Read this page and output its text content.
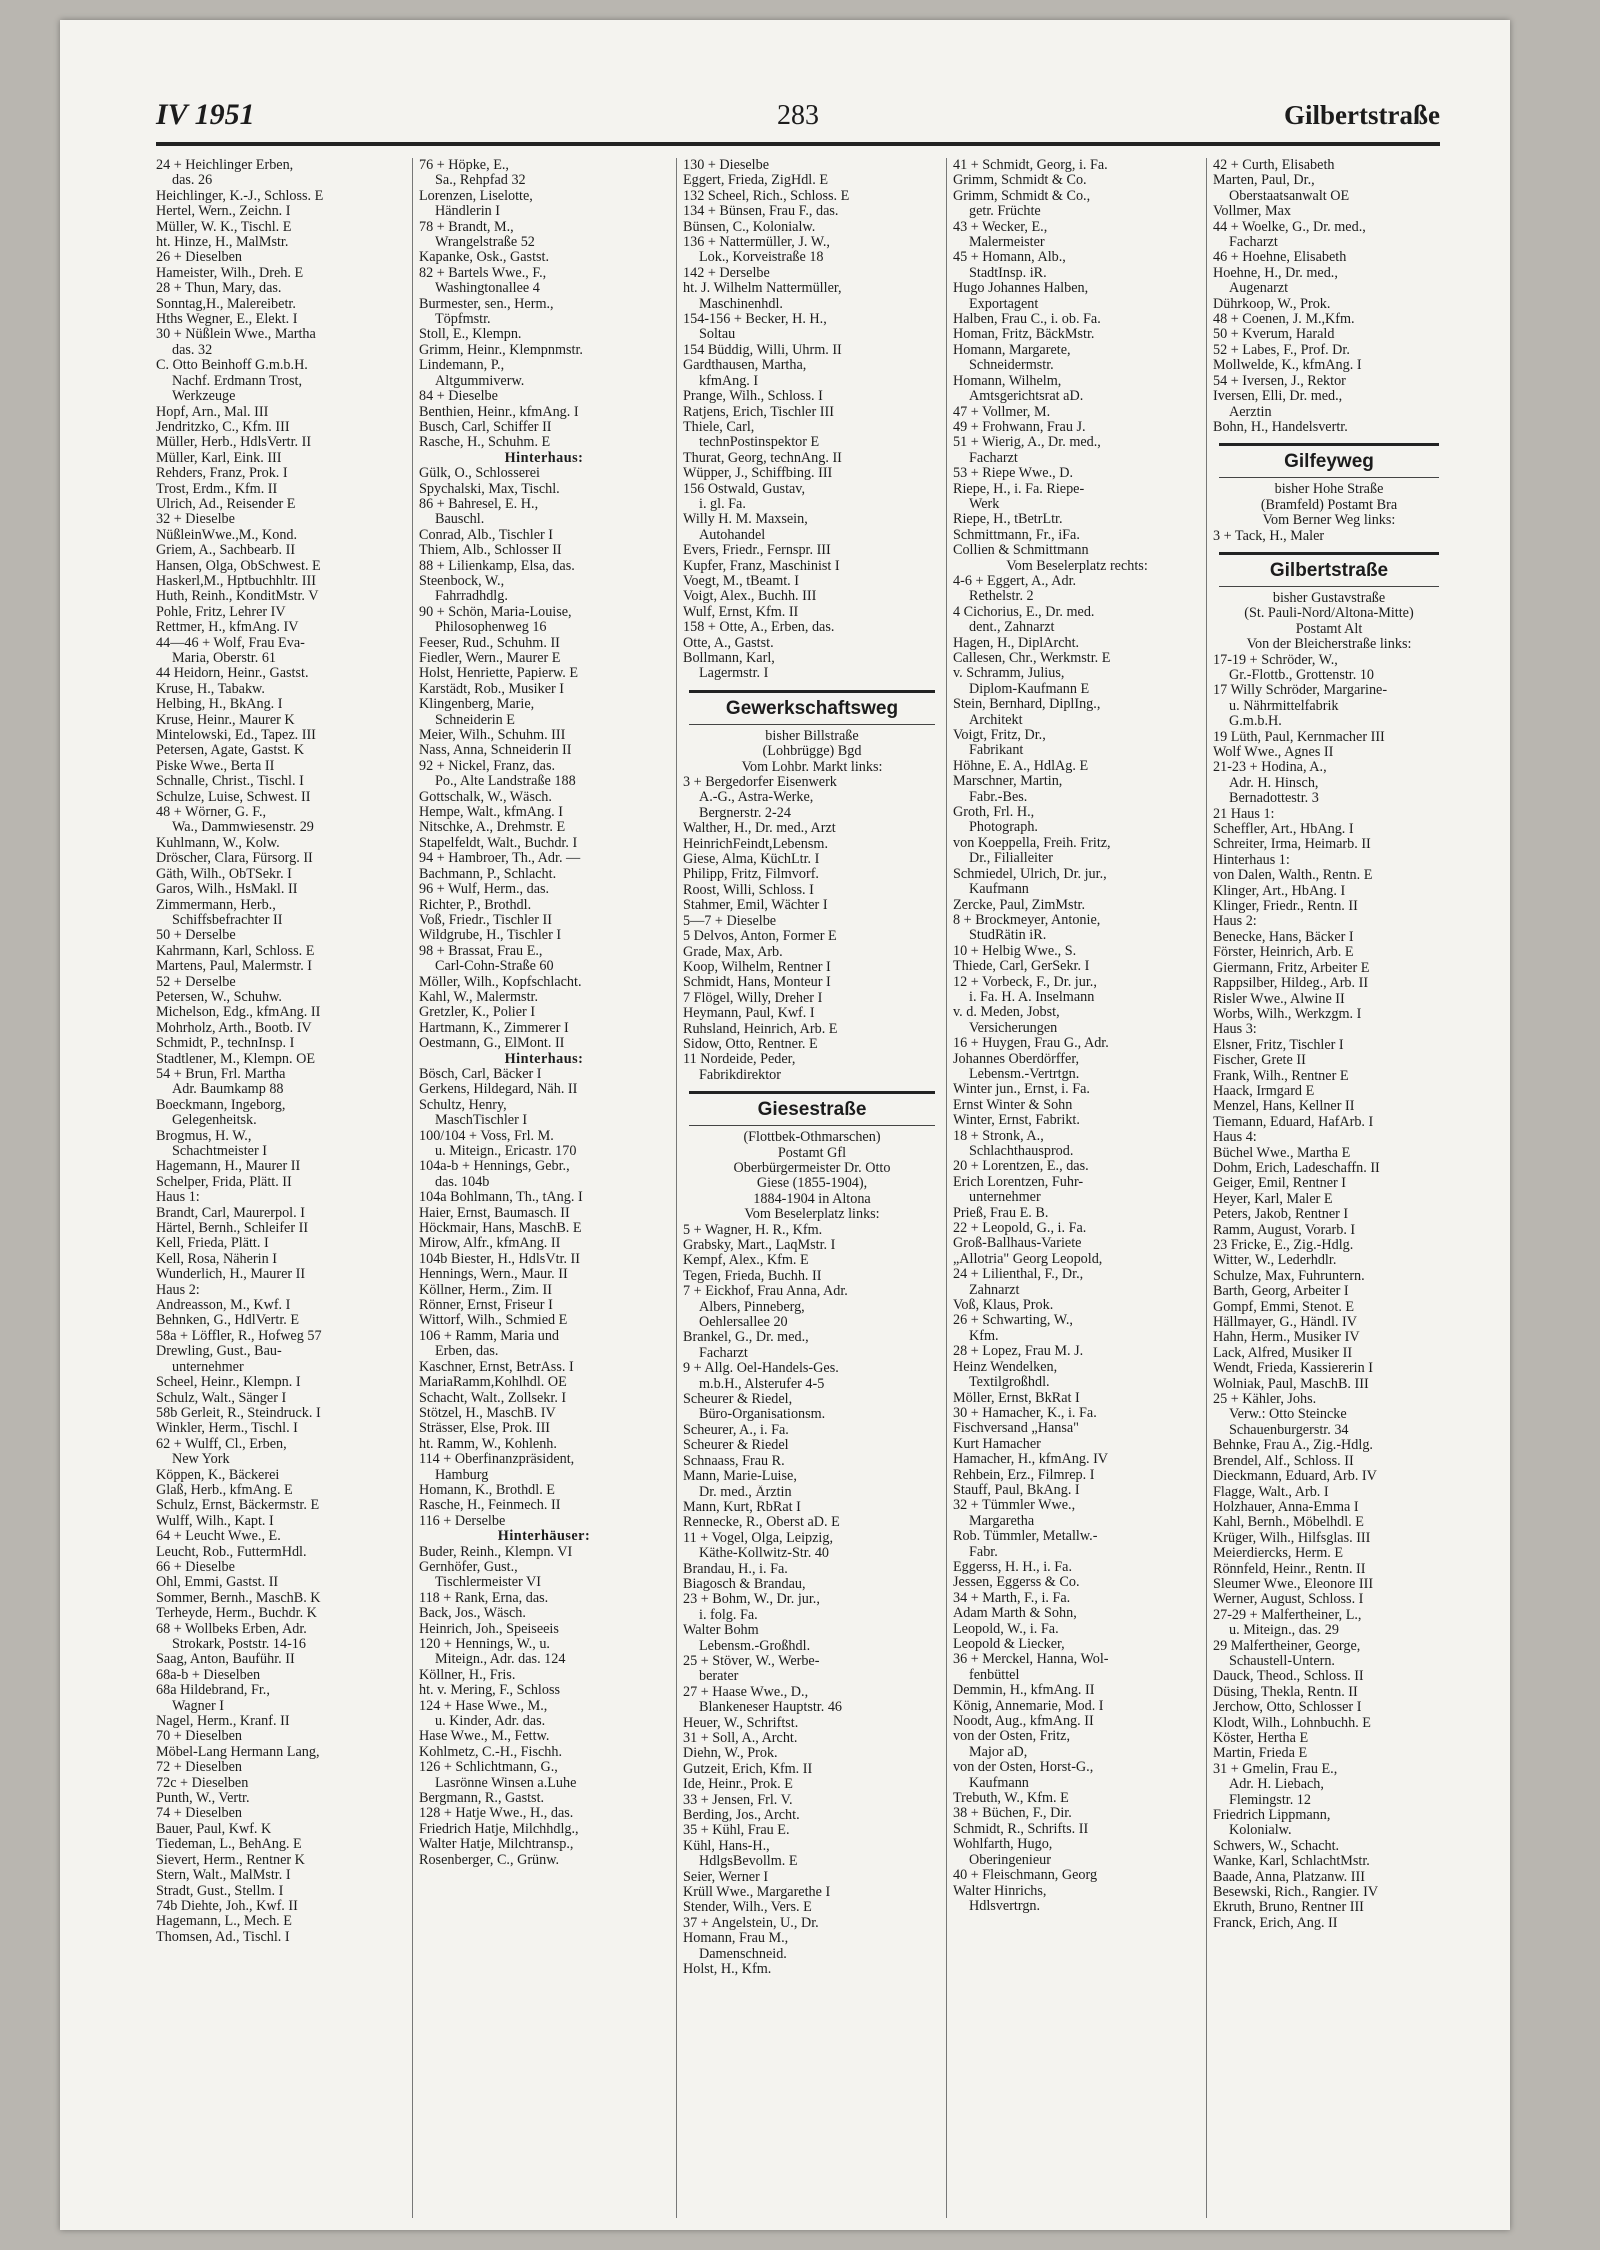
IV 1951	283	Gilbertstraße
24 + Heichlinger Erben,
das. 26
Heichlinger, K.-J., Schloss. E
Hertel, Wern., Zeichn. I
Müller, W. K., Tischl. E
ht. Hinze, H., MalMstr.
26 + Dieselben
Hameister, Wilh., Dreh. E
28 + Thun, Mary, das.
Sonntag,H., Malereibetr.
Hths Wegner, E., Elekt. I
30 + Nüßlein Wwe., Martha
das. 32
C. Otto Beinhoff G.m.b.H.
Nachf. Erdmann Trost,
Werkzeuge
Hopf, Arn., Mal. III
Jendritzko, C., Kfm. III
Müller, Herb., HdlsVertr. II
Müller, Karl, Eink. III
Rehders, Franz, Prok. I
Trost, Erdm., Kfm. II
Ulrich, Ad., Reisender E
32 + Dieselbe
NüßleinWwe.,M., Kond.
Griem, A., Sachbearb. II
Hansen, Olga, ObSchwest. E
Haskerl,M., Hptbuchhltr. III
Huth, Reinh., KonditMstr. V
Pohle, Fritz, Lehrer IV
Rettmer, H., kfmAng. IV
44—46 + Wolf, Frau Eva-
Maria, Oberstr. 61
44 Heidorn, Heinr., Gastst.
Kruse, H., Tabakw.
Helbing, H., BkAng. I
Kruse, Heinr., Maurer K
Mintelowski, Ed., Tapez. III
Petersen, Agate, Gastst. K
Piske Wwe., Berta II
Schnalle, Christ., Tischl. I
Schulze, Luise, Schwest. II
48 + Wörner, G. F.,
Wa., Dammwiesenstr. 29
Kuhlmann, W., Kolw.
Dröscher, Clara, Fürsorg. II
Gäth, Wilh., ObTSekr. I
Garos, Wilh., HsMakl. II
Zimmermann, Herb.,
Schiffsbefrachter II
50 + Derselbe
Kahrmann, Karl, Schloss. E
Martens, Paul, Malermstr. I
52 + Derselbe
Petersen, W., Schuhw.
Michelson, Edg., kfmAng. II
Mohrholz, Arth., Bootb. IV
Schmidt, P., technInsp. I
Stadtlener, M., Klempn. OE
54 + Brun, Frl. Martha
Adr. Baumkamp 88
Boeckmann, Ingeborg,
Gelegenheitsk.
Brogmus, H. W.,
Schachtmeister I
Hagemann, H., Maurer II
Schelper, Frida, Plätt. II
Haus 1:
Brandt, Carl, Maurerpol. I
Härtel, Bernh., Schleifer II
Kell, Frieda, Plätt. I
Kell, Rosa, Näherin I
Wunderlich, H., Maurer II
Haus 2:
Andreasson, M., Kwf. I
Behnken, G., HdlVertr. E
58a + Löffler, R., Hofweg 57
Drewling, Gust., Bau-
unternehmer
Scheel, Heinr., Klempn. I
Schulz, Walt., Sänger I
58b Gerleit, R., Steindruck. I
Winkler, Herm., Tischl. I
62 + Wulff, Cl., Erben,
New York
Köppen, K., Bäckerei
Glaß, Herb., kfmAng. E
Schulz, Ernst, Bäckermstr. E
Wulff, Wilh., Kapt. I
64 + Leucht Wwe., E.
Leucht, Rob., FuttermHdl.
66 + Dieselbe
Ohl, Emmi, Gastst. II
Sommer, Bernh., MaschB. K
Terheyde, Herm., Buchdr. K
68 + Wollbeks Erben, Adr.
Strokark, Poststr. 14-16
Saag, Anton, Bauführ. II
68a-b + Dieselben
68a Hildebrand, Fr.,
Wagner I
Nagel, Herm., Kranf. II
70 + Dieselben
Möbel-Lang Hermann Lang,
72 + Dieselben
72c + Dieselben
Punth, W., Vertr.
74 + Dieselben
Bauer, Paul, Kwf. K
Tiedeman, L., BehAng. E
Sievert, Herm., Rentner K
Stern, Walt., MalMstr. I
Stradt, Gust., Stellm. I
74b Diehte, Joh., Kwf. II
Hagemann, L., Mech. E
Thomsen, Ad., Tischl. I
76 + Höpke, E.,
Sa., Rehpfad 32
Lorenzen, Liselotte,
Händlerin I
78 + Brandt, M.,
Wrangelstraße 52
Kapanke, Osk., Gastst.
82 + Bartels Wwe., F.,
Washingtonallee 4
Burmester, sen., Herm.,
Töpfmstr.
Stoll, E., Klempn.
Grimm, Heinr., Klempnmstr.
Lindemann, P.,
Altgummiverw.
84 + Dieselbe
Benthien, Heinr., kfmAng. I
Busch, Carl, Schiffer II
Rasche, H., Schuhm. E
Hinterhaus:
Gülk, O., Schlosserei
Spychalski, Max, Tischl.
86 + Bahresel, E. H.,
Bauschl.
Conrad, Alb., Tischler I
Thiem, Alb., Schlosser II
88 + Lilienkamp, Elsa, das.
Steenbock, W.,
Fahrradhdlg.
90 + Schön, Maria-Louise,
Philosophenweg 16
Feeser, Rud., Schuhm. II
Fiedler, Wern., Maurer E
Holst, Henriette, Papierw. E
Karstädt, Rob., Musiker I
Klingenberg, Marie,
Schneiderin E
Meier, Wilh., Schuhm. III
Nass, Anna, Schneiderin II
92 + Nickel, Franz, das.
Po., Alte Landstraße 188
Gottschalk, W., Wäsch.
Hempe, Walt., kfmAng. I
Nitschke, A., Drehmstr. E
Stapelfeldt, Walt., Buchdr. I
94 + Hambroer, Th., Adr. —
Bachmann, P., Schlacht.
96 + Wulf, Herm., das.
Richter, P., Brothdl.
Voß, Friedr., Tischler II
Wildgrube, H., Tischler I
98 + Brassat, Frau E.,
Carl-Cohn-Straße 60
Möller, Wilh., Kopfschlacht.
Kahl, W., Malermstr.
Gretzler, K., Polier I
Hartmann, K., Zimmerer I
Oestmann, G., ElMont. II
Hinterhaus:
Bösch, Carl, Bäcker I
Gerkens, Hildegard, Näh. II
Schultz, Henry,
MaschTischler I
100/104 + Voss, Frl. M.
u. Miteign., Ericastr. 170
104a-b + Hennings, Gebr.,
das. 104b
104a Bohlmann, Th., tAng. I
Haier, Ernst, Baumasch. II
Höckmair, Hans, MaschB. E
Mirow, Alfr., kfmAng. II
104b Biester, H., HdlsVtr. II
Hennings, Wern., Maur. II
Köllner, Herm., Zim. II
Rönner, Ernst, Friseur I
Wittorf, Wilh., Schmied E
106 + Ramm, Maria und
Erben, das.
Kaschner, Ernst, BetrAss. I
MariaRamm,Kohlhdl. OE
Schacht, Walt., Zollsekr. I
Stötzel, H., MaschB. IV
Strässer, Else, Prok. III
ht. Ramm, W., Kohlenh.
114 + Oberfinanzpräsident,
Hamburg
Homann, K., Brothdl. E
Rasche, H., Feinmech. II
116 + Derselbe
Hinterhäuser:
Buder, Reinh., Klempn. VI
Gernhöfer, Gust.,
Tischlermeister VI
118 + Rank, Erna, das.
Back, Jos., Wäsch.
Heinrich, Joh., Speiseeis
120 + Hennings, W., u.
Miteign., Adr. das. 124
Köllner, H., Fris.
ht. v. Mering, F., Schloss
124 + Hase Wwe., M.,
u. Kinder, Adr. das.
Hase Wwe., M., Fettw.
Kohlmetz, C.-H., Fischh.
126 + Schlichtmann, G.,
Lasrönne Winsen a.Luhe
Bergmann, R., Gastst.
128 + Hatje Wwe., H., das.
Friedrich Hatje, Milchhdlg.,
Walter Hatje, Milchtransp.,
Rosenberger, C., Grünw.
130 + Dieselbe
Eggert, Frieda, ZigHdl. E
132 Scheel, Rich., Schloss. E
134 + Bünsen, Frau F., das.
Bünsen, C., Kolonialw.
136 + Nattermüller, J. W.,
Lok., Korveistraße 18
142 + Derselbe
ht. J. Wilhelm Nattermüller,
Maschinenhdl.
154-156 + Becker, H. H.,
Soltau
154 Büddig, Willi, Uhrm. II
Gardthausen, Martha,
kfmAng. I
Prange, Wilh., Schloss. I
Ratjens, Erich, Tischler III
Thiele, Carl,
technPostinspektor E
Thurat, Georg, technAng. II
Wüpper, J., Schiffbing. III
156 Ostwald, Gustav,
i. gl. Fa.
Willy H. M. Maxsein,
Autohandel
Evers, Friedr., Fernspr. III
Kupfer, Franz, Maschinist I
Voegt, M., tBeamt. I
Voigt, Alex., Buchh. III
Wulf, Ernst, Kfm. II
158 + Otte, A., Erben, das.
Otte, A., Gastst.
Bollmann, Karl,
Lagermstr. I
Gewerkschaftsweg
bisher Billstraße
(Lohbrügge) Bgd
Vom Lohbr. Markt links:
3 + Bergedorfer Eisenwerk
A.-G., Astra-Werke,
Bergnerstr. 2-24
Walther, H., Dr. med., Arzt
HeinrichFeindt,Lebensm.
Giese, Alma, KüchLtr. I
Philipp, Fritz, Filmvorf.
Roost, Willi, Schloss. I
Stahmer, Emil, Wächter I
5—7 + Dieselbe
5 Delvos, Anton, Former E
Grade, Max, Arb.
Koop, Wilhelm, Rentner I
Schmidt, Hans, Monteur I
7 Flögel, Willy, Dreher I
Heymann, Paul, Kwf. I
Ruhsland, Heinrich, Arb. E
Sidow, Otto, Rentner. E
11 Nordeide, Peder,
Fabrikdirektor
Giesestraße
(Flottbek-Othmarschen)
Postamt Gfl
Oberbürgermeister Dr. Otto
Giese (1855-1904),
1884-1904 in Altona
Vom Beselerplatz links:
5 + Wagner, H. R., Kfm.
Grabsky, Mart., LaqMstr. I
Kempf, Alex., Kfm. E
Tegen, Frieda, Buchh. II
7 + Eickhof, Frau Anna, Adr.
Albers, Pinneberg,
Oehlersallee 20
Brankel, G., Dr. med.,
Facharzt
9 + Allg. Oel-Handels-Ges.
m.b.H., Alsterufer 4-5
Scheurer & Riedel,
Büro-Organisationsm.
Scheurer, A., i. Fa.
Scheurer & Riedel
Schnaass, Frau R.
Mann, Marie-Luise,
Dr. med., Ärztin
Mann, Kurt, RbRat I
Rennecke, R., Oberst aD. E
11 + Vogel, Olga, Leipzig,
Käthe-Kollwitz-Str. 40
Brandau, H., i. Fa.
Biagosch & Brandau,
23 + Bohm, W., Dr. jur.,
i. folg. Fa.
Walter Bohm
Lebensm.-Großhdl.
25 + Stöver, W., Werbe-
berater
27 + Haase Wwe., D.,
Blankeneser Hauptstr. 46
Heuer, W., Schriftst.
31 + Soll, A., Archt.
Diehn, W., Prok.
Gutzeit, Erich, Kfm. II
Ide, Heinr., Prok. E
33 + Jensen, Frl. V.
Berding, Jos., Archt.
35 + Kühl, Frau E.
Kühl, Hans-H.,
HdlgsBevollm. E
Seier, Werner I
Krüll Wwe., Margarethe I
Stender, Wilh., Vers. E
37 + Angelstein, U., Dr.
Homann, Frau M.,
Damenschneid.
Holst, H., Kfm.
41 + Schmidt, Georg, i. Fa.
Grimm, Schmidt & Co.
Grimm, Schmidt & Co.,
getr. Früchte
43 + Wecker, E.,
Malermeister
45 + Homann, Alb.,
StadtInsp. iR.
Hugo Johannes Halben,
Exportagent
Halben, Frau C., i. ob. Fa.
Homan, Fritz, BäckMstr.
Homann, Margarete,
Schneidermstr.
Homann, Wilhelm,
Amtsgerichtsrat aD.
47 + Vollmer, M.
49 + Frohwann, Frau J.
51 + Wierig, A., Dr. med.,
Facharzt
53 + Riepe Wwe., D.
Riepe, H., i. Fa. Riepe-
Werk
Riepe, H., tBetrLtr.
Schmittmann, Fr., iFa.
Collien & Schmittmann
Vom Beselerplatz rechts:
4-6 + Eggert, A., Adr.
Rethelstr. 2
4 Cichorius, E., Dr. med.
dent., Zahnarzt
Hagen, H., DiplArcht.
Callesen, Chr., Werkmstr. E
v. Schramm, Julius,
Diplom-Kaufmann E
Stein, Bernhard, DiplIng.,
Architekt
Voigt, Fritz, Dr.,
Fabrikant
Höhne, E. A., HdlAg. E
Marschner, Martin,
Fabr.-Bes.
Groth, Frl. H.,
Photograph.
von Koeppella, Freih. Fritz,
Dr., Filialleiter
Schmiedel, Ulrich, Dr. jur.,
Kaufmann
Zercke, Paul, ZimMstr.
8 + Brockmeyer, Antonie,
StudRätin iR.
10 + Helbig Wwe., S.
Thiede, Carl, GerSekr. I
12 + Vorbeck, F., Dr. jur.,
i. Fa. H. A. Inselmann
v. d. Meden, Jobst,
Versicherungen
16 + Huygen, Frau G., Adr.
Johannes Oberdörffer,
Lebensm.-Vertrtgn.
Winter jun., Ernst, i. Fa.
Ernst Winter & Sohn
Winter, Ernst, Fabrikt.
18 + Stronk, A.,
Schlachthausprod.
20 + Lorentzen, E., das.
Erich Lorentzen, Fuhr-
unternehmer
Prieß, Frau E. B.
22 + Leopold, G., i. Fa.
Groß-Ballhaus-Variete
„Allotria" Georg Leopold,
24 + Lilienthal, F., Dr.,
Zahnarzt
Voß, Klaus, Prok.
26 + Schwarting, W.,
Kfm.
28 + Lopez, Frau M. J.
Heinz Wendelken,
Textilgroßhdl.
Möller, Ernst, BkRat I
30 + Hamacher, K., i. Fa.
Fischversand „Hansa"
Kurt Hamacher
Hamacher, H., kfmAng. IV
Rehbein, Erz., Filmrep. I
Stauff, Paul, BkAng. I
32 + Tümmler Wwe.,
Margaretha
Rob. Tümmler, Metallw.-
Fabr.
Eggerss, H. H., i. Fa.
Jessen, Eggerss & Co.
34 + Marth, F., i. Fa.
Adam Marth & Sohn,
Leopold, W., i. Fa.
Leopold & Liecker,
36 + Merckel, Hanna, Wol-
fenbüttel
Demmin, H., kfmAng. II
König, Annemarie, Mod. I
Noodt, Aug., kfmAng. II
von der Osten, Fritz,
Major aD,
von der Osten, Horst-G.,
Kaufmann
Trebuth, W., Kfm. E
38 + Büchen, F., Dir.
Schmidt, R., Schrifts. II
Wohlfarth, Hugo,
Oberingenieur
40 + Fleischmann, Georg
Walter Hinrichs,
Hdlsvertrgn.
42 + Curth, Elisabeth
Marten, Paul, Dr.,
Oberstaatsanwalt OE
Vollmer, Max
44 + Woelke, G., Dr. med.,
Facharzt
46 + Hoehne, Elisabeth
Hoehne, H., Dr. med.,
Augenarzt
Dührkoop, W., Prok.
48 + Coenen, J. M.,Kfm.
50 + Kverum, Harald
52 + Labes, F., Prof. Dr.
Mollwelde, K., kfmAng. I
54 + Iversen, J., Rektor
Iversen, Elli, Dr. med.,
Aerztin
Bohn, H., Handelsvertr.
Gilfeyweg
bisher Hohe Straße
(Bramfeld) Postamt Bra
Vom Berner Weg links:
3 + Tack, H., Maler
Gilbertstraße
bisher Gustavstraße
(St. Pauli-Nord/Altona-Mitte)
Postamt Alt
Von der Bleicherstraße links:
17-19 + Schröder, W.,
Gr.-Flottb., Grottenstr. 10
17 Willy Schröder, Margarine-
u. Nährmittelfabrik
G.m.b.H.
19 Lüth, Paul, Kernmacher III
Wolf Wwe., Agnes II
21-23 + Hodina, A.,
Adr. H. Hinsch,
Bernadottestr. 3
21 Haus 1:
Scheffler, Art., HbAng. I
Schreiter, Irma, Heimarb. II
Hinterhaus 1:
von Dalen, Walth., Rentn. E
Klinger, Art., HbAng. I
Klinger, Friedr., Rentn. II
Haus 2:
Benecke, Hans, Bäcker I
Förster, Heinrich, Arb. E
Giermann, Fritz, Arbeiter E
Rappsilber, Hildeg., Arb. II
Risler Wwe., Alwine II
Worbs, Wilh., Werkzgm. I
Haus 3:
Elsner, Fritz, Tischler I
Fischer, Grete II
Frank, Wilh., Rentner E
Haack, Irmgard E
Menzel, Hans, Kellner II
Tiemann, Eduard, HafArb. I
Haus 4:
Büchel Wwe., Martha E
Dohm, Erich, Ladeschaffn. II
Geiger, Emil, Rentner I
Heyer, Karl, Maler E
Peters, Jakob, Rentner I
Ramm, August, Vorarb. I
23 Fricke, E., Zig.-Hdlg.
Witter, W., Lederhdlr.
Schulze, Max, Fuhruntern.
Barth, Georg, Arbeiter I
Gompf, Emmi, Stenot. E
Hällmayer, G., Händl. IV
Hahn, Herm., Musiker IV
Lack, Alfred, Musiker II
Wendt, Frieda, Kassiererin I
Wolniak, Paul, MaschB. III
25 + Kähler, Johs.
Verw.: Otto Steincke
Schauenburgerstr. 34
Behnke, Frau A., Zig.-Hdlg.
Brendel, Alf., Schloss. II
Dieckmann, Eduard, Arb. IV
Flagge, Walt., Arb. I
Holzhauer, Anna-Emma I
Kahl, Bernh., Möbelhdl. E
Krüger, Wilh., Hilfsglas. III
Meierdiercks, Herm. E
Rönnfeld, Heinr., Rentn. II
Sleumer Wwe., Eleonore III
Werner, August, Schloss. I
27-29 + Malfertheiner, L.,
u. Miteign., das. 29
29 Malfertheiner, George,
Schaustell-Untern.
Dauck, Theod., Schloss. II
Düsing, Thekla, Rentn. II
Jerchow, Otto, Schlosser I
Klodt, Wilh., Lohnbuchh. E
Köster, Hertha E
Martin, Frieda E
31 + Gmelin, Frau E.,
Adr. H. Liebach,
Flemingstr. 12
Friedrich Lippmann,
Kolonialw.
Schwers, W., Schacht.
Wanke, Karl, SchlachtMstr.
Baade, Anna, Platzanw. III
Besewski, Rich., Rangier. IV
Ekruth, Bruno, Rentner III
Franck, Erich, Ang. II
